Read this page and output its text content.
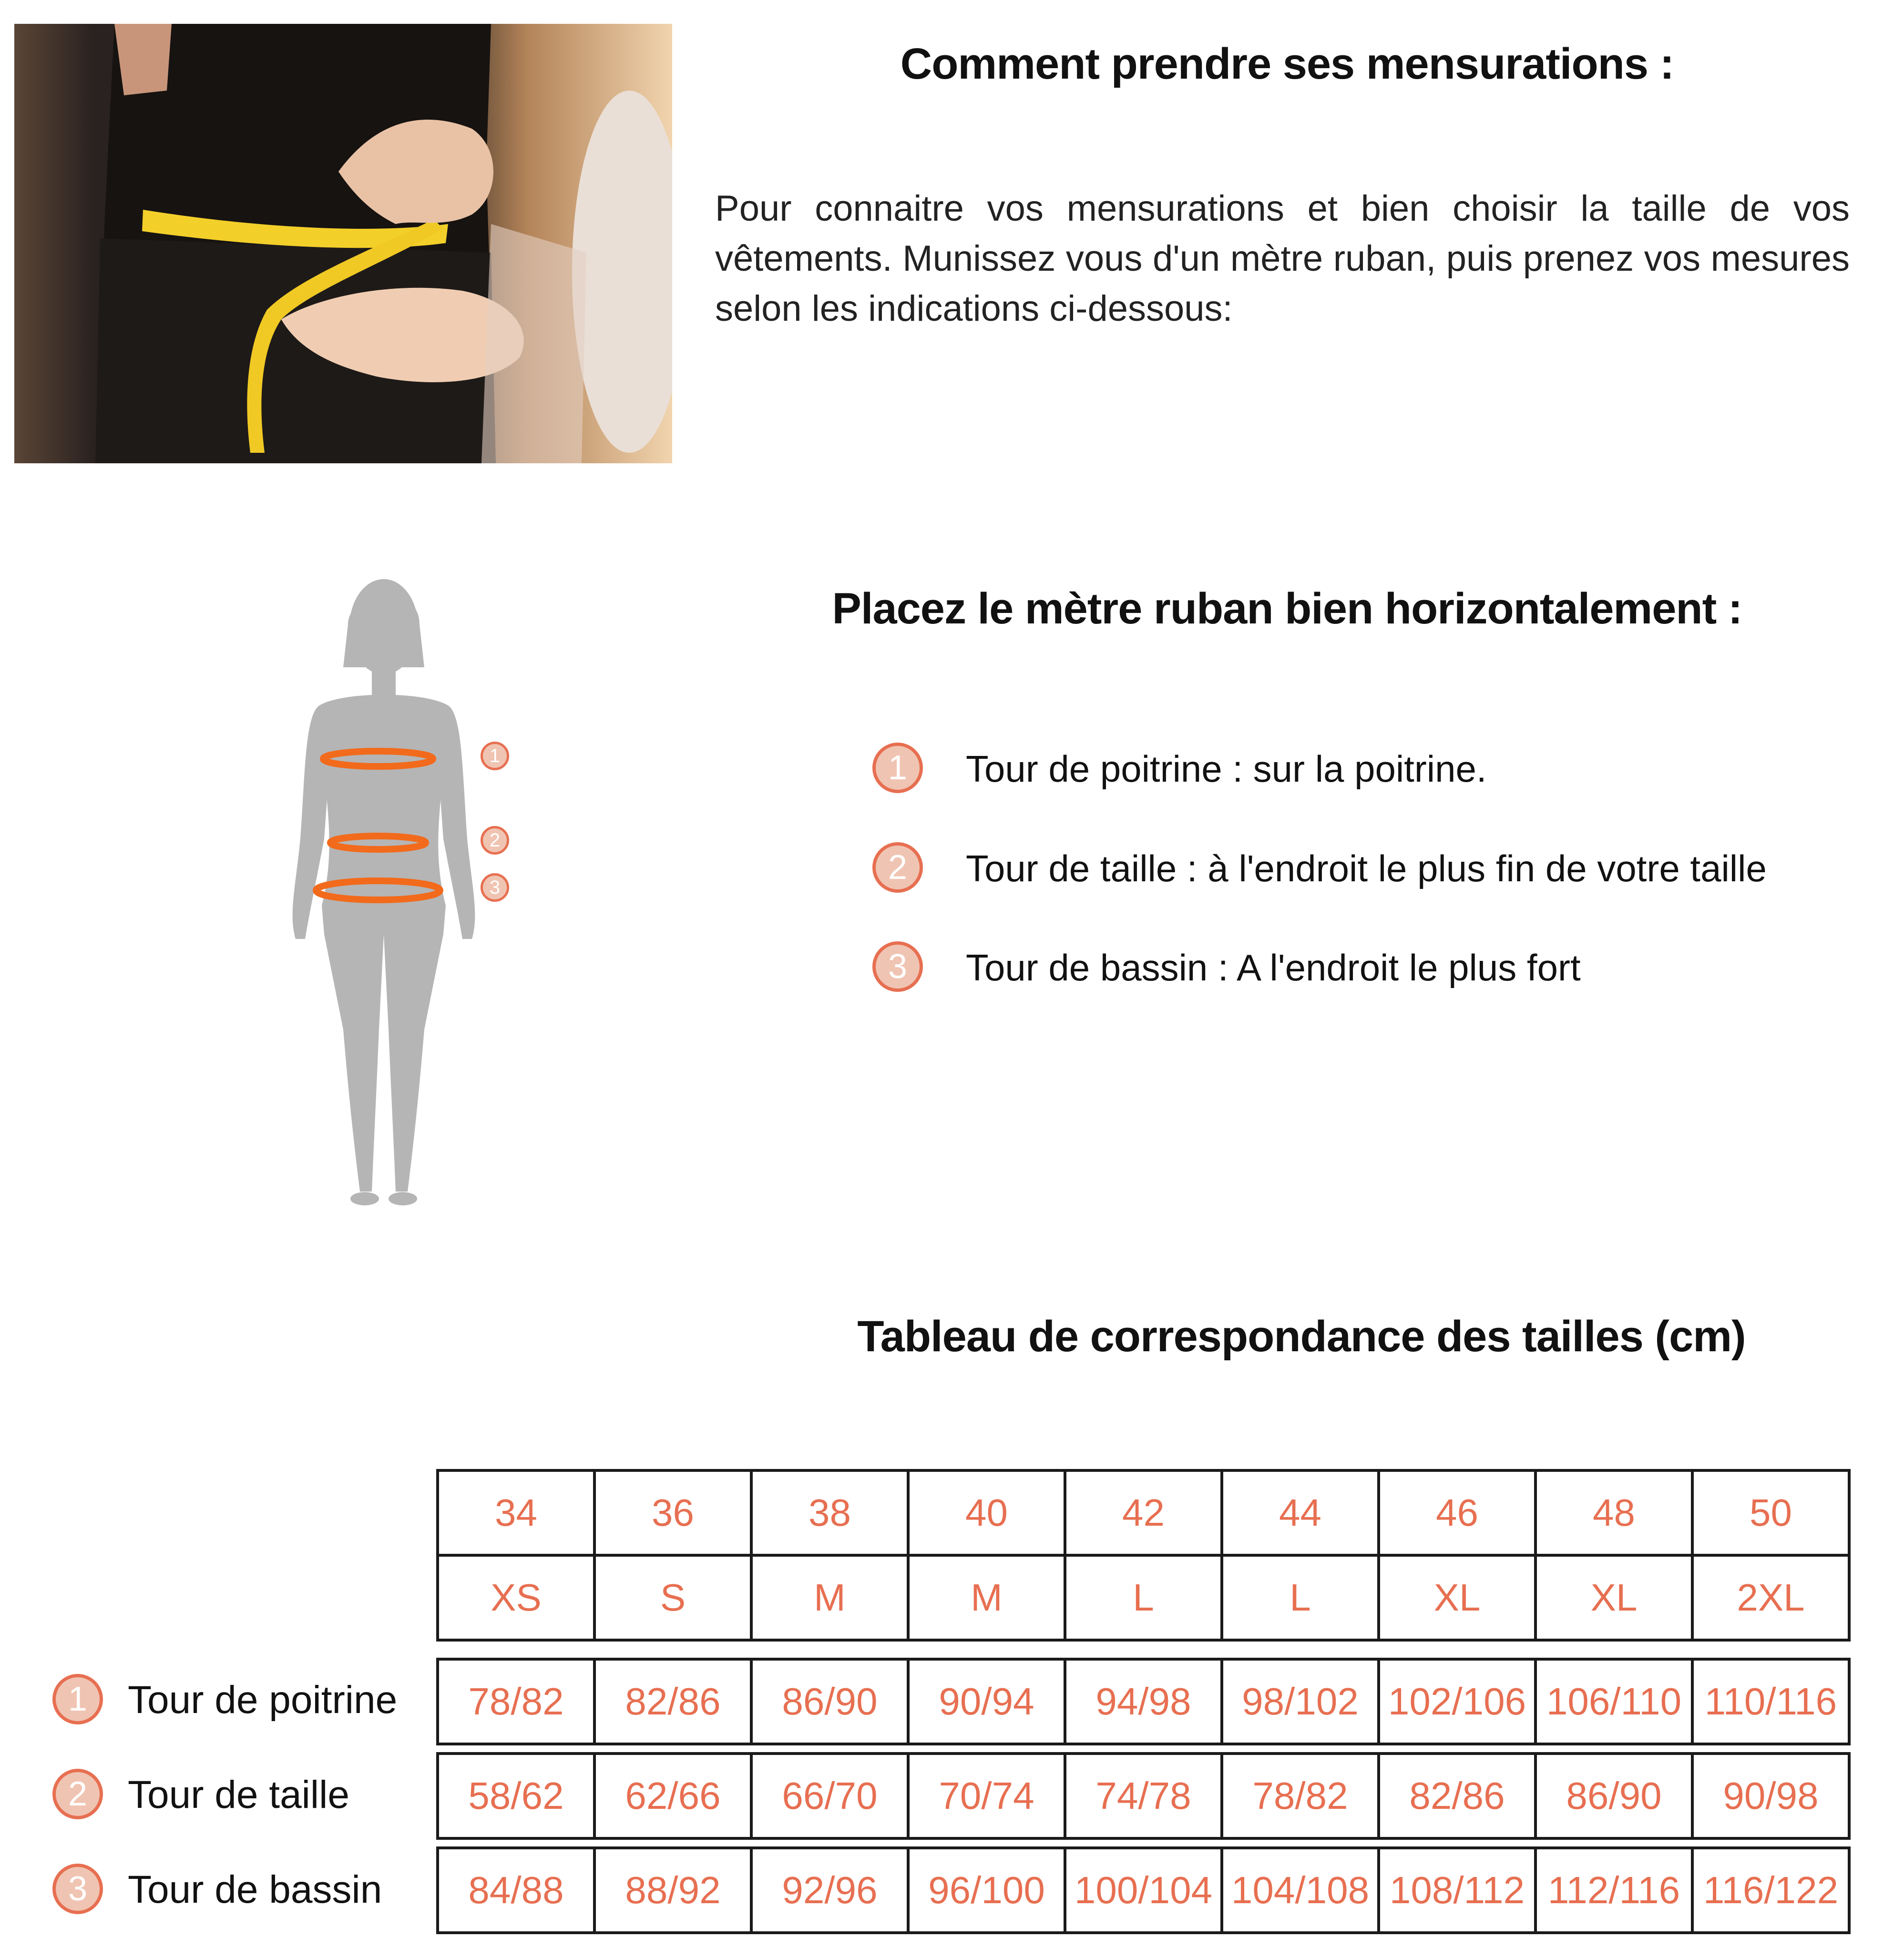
Comment prendre ses mensurations :
Pour connaitre vos mensurations et bien choisir la taille de vos vêtements. Munissez vous d'un mètre ruban, puis prenez vos mesures selon les indications ci-dessous:
1
2
3
Placez le mètre ruban bien horizontalement :
1	Tour de poitrine : sur la poitrine.
2	Tour de taille : à l'endroit le plus fin de votre taille
3	Tour de bassin : A l'endroit le plus fort
Tableau de correspondance des tailles (cm)
34	36	38	40	42	44	46	48	50
XS	S	M	M	L	L	XL	XL	2XL
1	Tour de poitrine 78/82	82/86	86/90	90/94	94/98	98/102	102/106	106/110	110/116
2	Tour de taille	58/62	62/66	66/70	70/74	74/78	78/82	82/86	86/90	90/98
3	Tour de bassin 84/88	88/92	92/96	96/100	100/104	104/108	108/112	112/116	116/122
